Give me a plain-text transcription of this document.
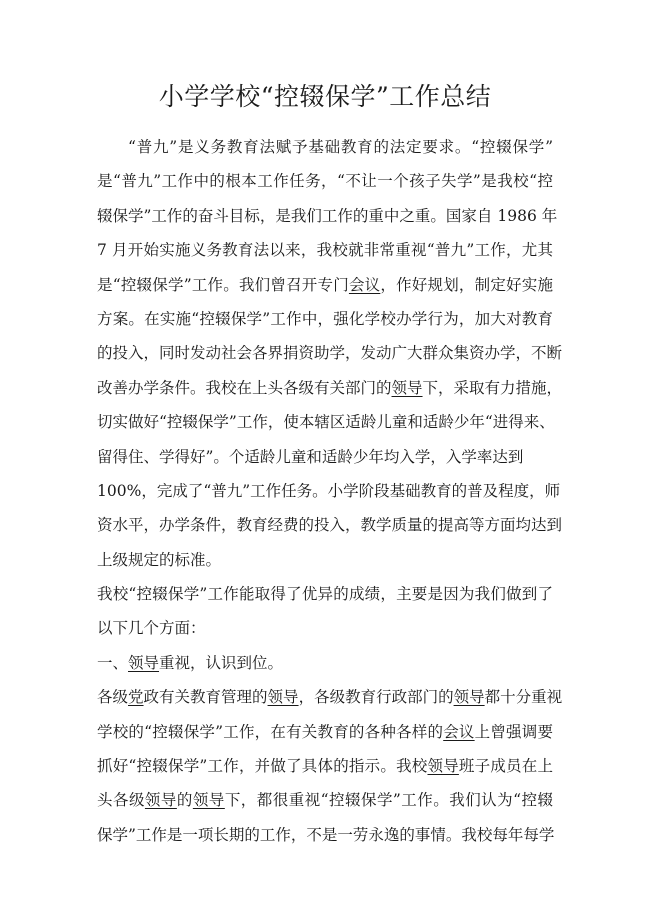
小学学校“控辍保学”工作总结

“普九”是义务教育法赋予基础教育的法定要求。“控辍保学”

是“普九”工作中的根本工作任务，“不让一个孩子失学”是我校“控

辍保学”工作的奋斗目标，是我们工作的重中之重。国家自 1986 年

7 月开始实施义务教育法以来，我校就非常重视“普九”工作，尤其

是“控辍保学”工作。我们曾召开专门会议，作好规划，制定好实施

方案。在实施“控辍保学”工作中，强化学校办学行为，加大对教育

的投入，同时发动社会各界捐资助学，发动广大群众集资办学，不断

改善办学条件。我校在上头各级有关部门的领导下，采取有力措施，

切实做好“控辍保学”工作，使本辖区适龄儿童和适龄少年“进得来、

留得住、学得好”。个适龄儿童和适龄少年均入学，入学率达到

100%，完成了“普九”工作任务。小学阶段基础教育的普及程度，师

资水平，办学条件，教育经费的投入，教学质量的提高等方面均达到

上级规定的标准。

我校“控辍保学”工作能取得了优异的成绩，主要是因为我们做到了

以下几个方面：

一、领导重视，认识到位。

各级党政有关教育管理的领导，各级教育行政部门的领导都十分重视

学校的“控辍保学”工作，在有关教育的各种各样的会议上曾强调要

抓好“控辍保学”工作，并做了具体的指示。我校领导班子成员在上

头各级领导的领导下，都很重视“控辍保学”工作。我们认为“控辍

保学”工作是一项长期的工作，不是一劳永逸的事情。我校每年每学
